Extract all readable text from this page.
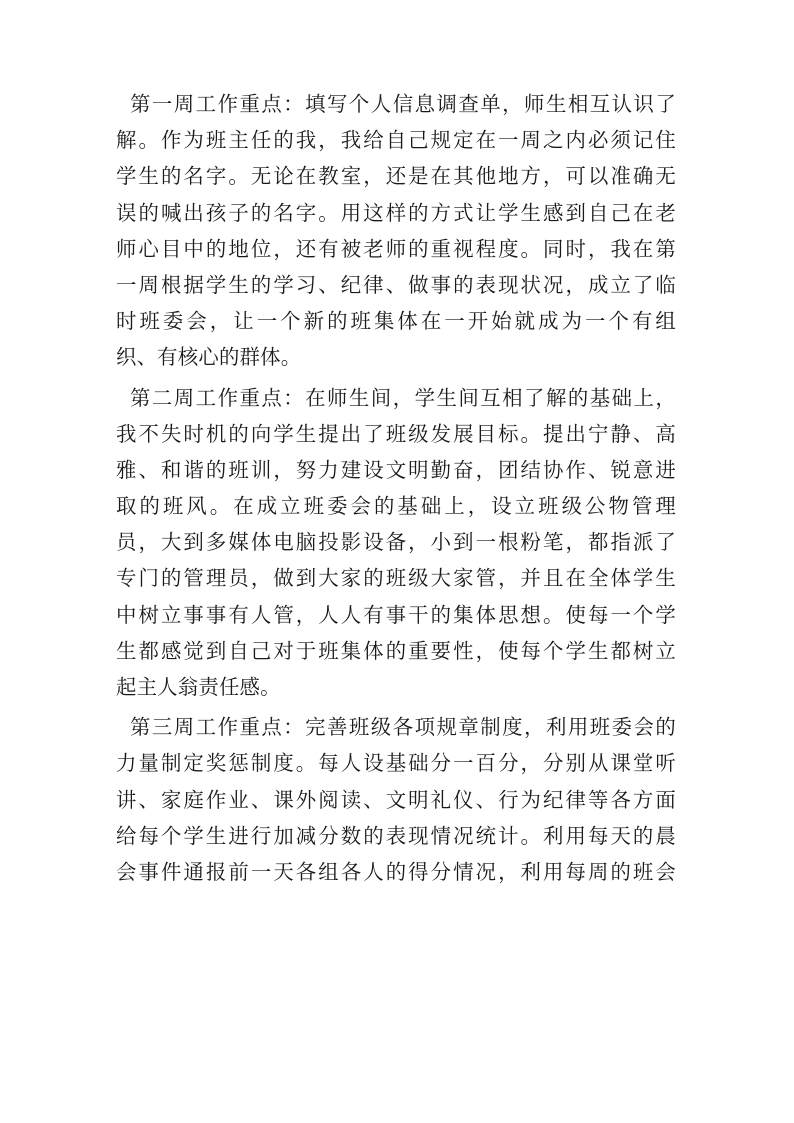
第一周工作重点：填写个人信息调查单，师生相互认识了
解。作为班主任的我，我给自己规定在一周之内必须记住
学生的名字。无论在教室，还是在其他地方，可以准确无
误的喊出孩子的名字。用这样的方式让学生感到自己在老
师心目中的地位，还有被老师的重视程度。同时，我在第
一周根据学生的学习、纪律、做事的表现状况，成立了临
时班委会，让一个新的班集体在一开始就成为一个有组
织、有核心的群体。
第二周工作重点：在师生间，学生间互相了解的基础上，
我不失时机的向学生提出了班级发展目标。提出宁静、高
雅、和谐的班训，努力建设文明勤奋，团结协作、锐意进
取的班风。在成立班委会的基础上，设立班级公物管理
员，大到多媒体电脑投影设备，小到一根粉笔，都指派了
专门的管理员，做到大家的班级大家管，并且在全体学生
中树立事事有人管，人人有事干的集体思想。使每一个学
生都感觉到自己对于班集体的重要性，使每个学生都树立
起主人翁责任感。
第三周工作重点：完善班级各项规章制度，利用班委会的
力量制定奖惩制度。每人设基础分一百分，分别从课堂听
讲、家庭作业、课外阅读、文明礼仪、行为纪律等各方面
给每个学生进行加减分数的表现情况统计。利用每天的晨
会事件通报前一天各组各人的得分情况，利用每周的班会
